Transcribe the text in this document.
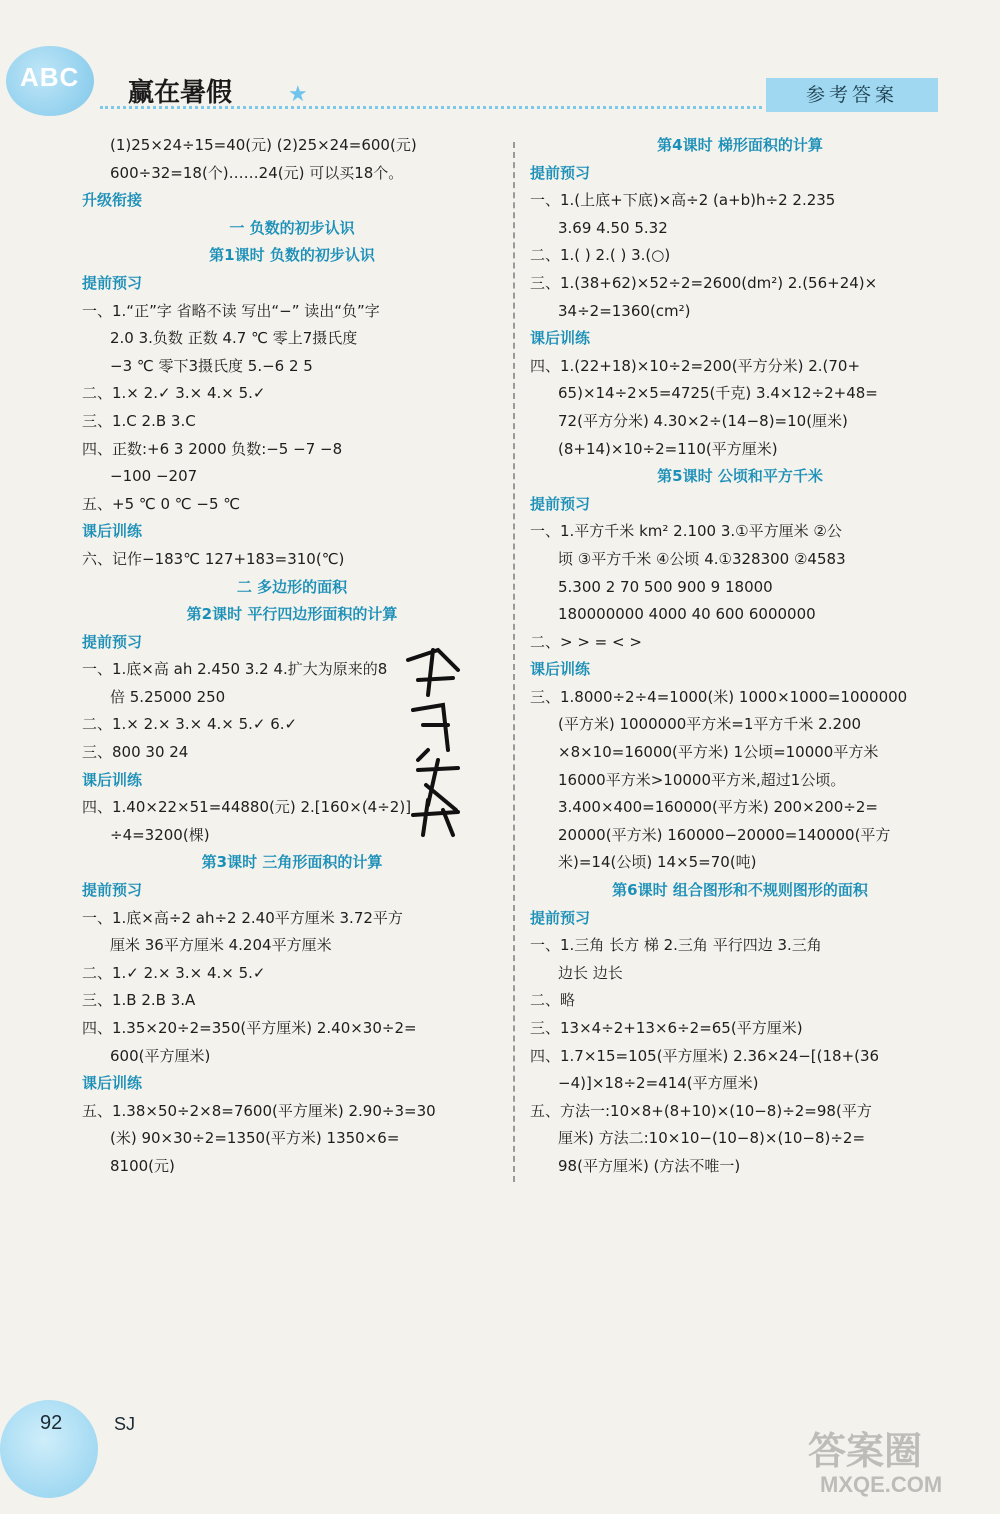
ABC
赢在暑假	★	参考答案
(1)25×24÷15=40(元) (2)25×24=600(元)
600÷32=18(个)……24(元) 可以买18个。
升级衔接
一 负数的初步认识
第1课时 负数的初步认识
提前预习
一、1.“正”字 省略不读 写出“−” 读出“负”字
2.0 3.负数 正数 4.7 ℃ 零上7摄氏度
−3 ℃ 零下3摄氏度 5.−6 2 5
二、1.× 2.✓ 3.× 4.× 5.✓
三、1.C 2.B 3.C
四、正数:+6 3 2000 负数:−5 −7 −8
−100 −207
五、+5 ℃ 0 ℃ −5 ℃
课后训练
六、记作−183℃ 127+183=310(℃)
二 多边形的面积
第2课时 平行四边形面积的计算
提前预习
一、1.底×高 ah 2.450 3.2 4.扩大为原来的8
倍 5.25000 250
二、1.× 2.× 3.× 4.× 5.✓ 6.✓
三、800 30 24
课后训练
四、1.40×22×51=44880(元) 2.[160×(4÷2)]
÷4=3200(棵)
第3课时 三角形面积的计算
提前预习
一、1.底×高÷2 ah÷2 2.40平方厘米 3.72平方
厘米 36平方厘米 4.204平方厘米
二、1.✓ 2.× 3.× 4.× 5.✓
三、1.B 2.B 3.A
四、1.35×20÷2=350(平方厘米) 2.40×30÷2=
600(平方厘米)
课后训练
五、1.38×50÷2×8=7600(平方厘米) 2.90÷3=30
(米) 90×30÷2=1350(平方米) 1350×6=
8100(元)
第4课时 梯形面积的计算
提前预习
一、1.(上底+下底)×高÷2 (a+b)h÷2 2.235
3.69 4.50 5.32
二、1.( ) 2.( ) 3.(○)
三、1.(38+62)×52÷2=2600(dm²) 2.(56+24)×
34÷2=1360(cm²)
课后训练
四、1.(22+18)×10÷2=200(平方分米) 2.(70+
65)×14÷2×5=4725(千克) 3.4×12÷2+48=
72(平方分米) 4.30×2÷(14−8)=10(厘米)
(8+14)×10÷2=110(平方厘米)
第5课时 公顷和平方千米
提前预习
一、1.平方千米 km² 2.100 3.①平方厘米 ②公
顷 ③平方千米 ④公顷 4.①328300 ②4583
5.300 2 70 500 900 9 18000
180000000 4000 40 600 6000000
二、> > = < >
课后训练
三、1.8000÷2÷4=1000(米) 1000×1000=1000000
(平方米) 1000000平方米=1平方千米 2.200
×8×10=16000(平方米) 1公顷=10000平方米
16000平方米>10000平方米,超过1公顷。
3.400×400=160000(平方米) 200×200÷2=
20000(平方米) 160000−20000=140000(平方
米)=14(公顷) 14×5=70(吨)
第6课时 组合图形和不规则图形的面积
提前预习
一、1.三角 长方 梯 2.三角 平行四边 3.三角
边长 边长
二、略
三、13×4÷2+13×6÷2=65(平方厘米)
四、1.7×15=105(平方厘米) 2.36×24−[(18+(36
−4)]×18÷2=414(平方厘米)
五、方法一:10×8+(8+10)×(10−8)÷2=98(平方
厘米) 方法二:10×10−(10−8)×(10−8)÷2=
98(平方厘米) (方法不唯一)
92	SJ
答案圈
MXQE.COM
